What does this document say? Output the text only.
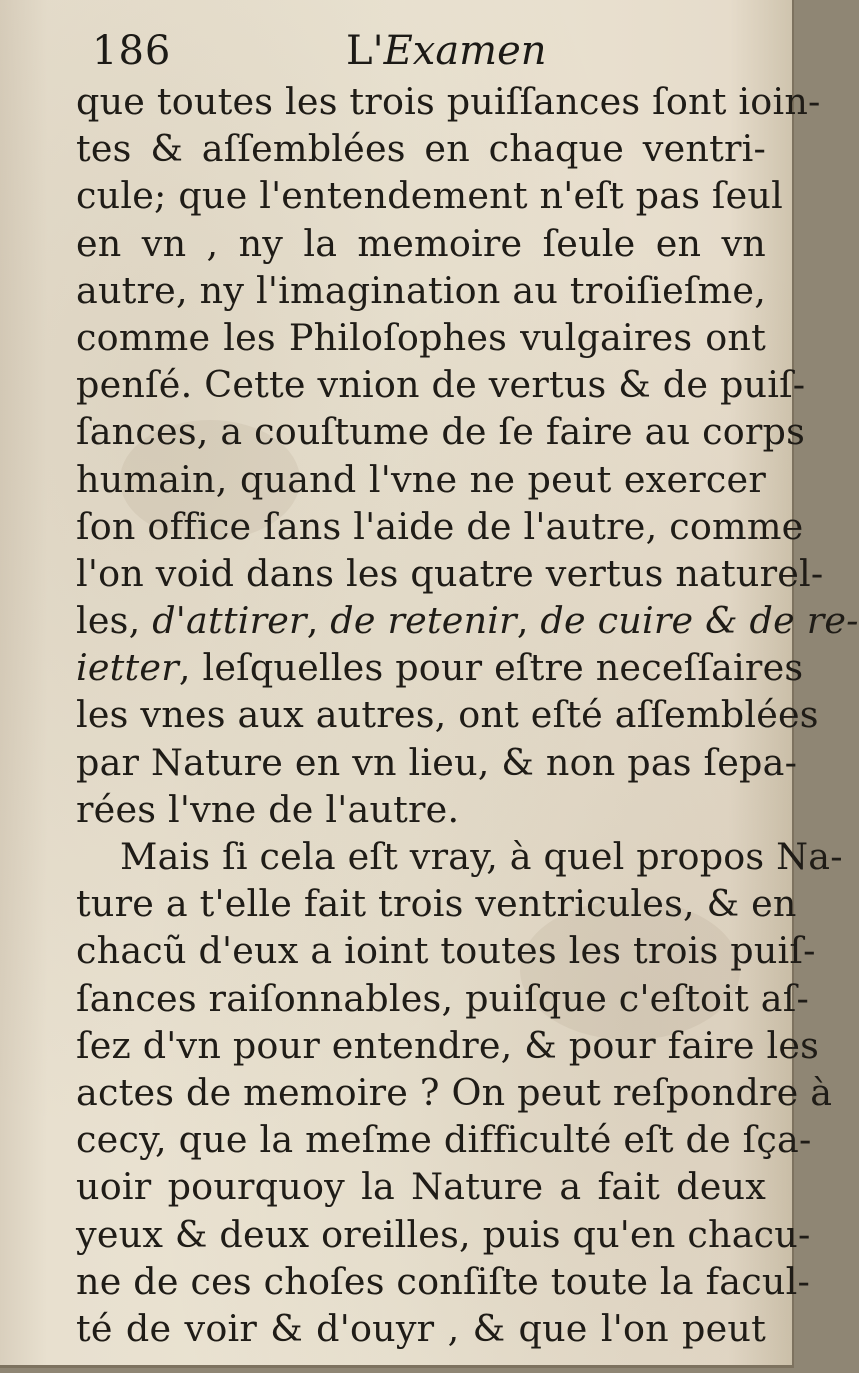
186	L'Examen
que toutes les trois puiſſances ſont ioin-
tes & aſſemblées en chaque ventri-
cule; que l'entendement n'eſt pas ſeul
en vn , ny la memoire ſeule en vn
autre, ny l'imagination au troiſieſme,
comme les Philoſophes vulgaires ont
penſé. Cette vnion de vertus & de puiſ-
ſances, a couſtume de ſe faire au corps
humain, quand l'vne ne peut exercer
ſon office ſans l'aide de l'autre, comme
l'on void dans les quatre vertus naturel-
les, d'attirer, de retenir, de cuire & de re-
ietter, leſquelles pour eſtre neceſſaires
les vnes aux autres, ont eſté aſſemblées
par Nature en vn lieu, & non pas ſepa-
rées l'vne de l'autre.
Mais ſi cela eſt vray, à quel propos Na-
ture a t'elle fait trois ventricules, & en
chacũ d'eux a ioint toutes les trois puiſ-
ſances raiſonnables, puiſque c'eſtoit aſ-
ſez d'vn pour entendre, & pour faire les
actes de memoire ? On peut reſpondre à
cecy, que la meſme difficulté eſt de ſça-
uoir pourquoy la Nature a fait deux
yeux & deux oreilles, puis qu'en chacu-
ne de ces choſes conſiſte toute la facul-
té de voir & d'ouyr , & que l'on peut
